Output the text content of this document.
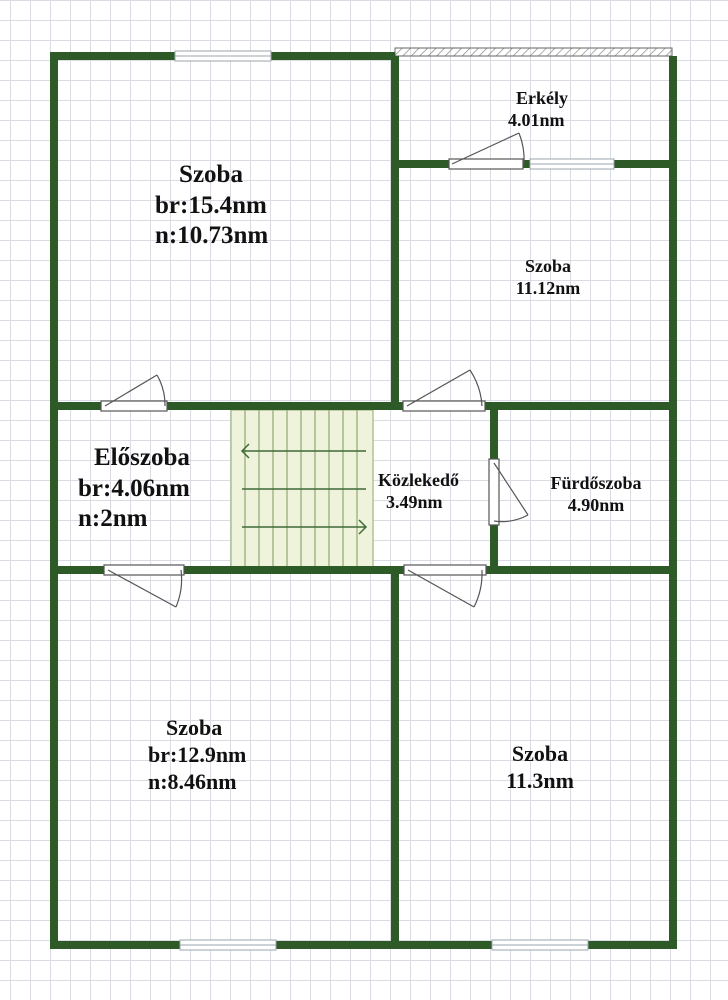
Szoba
br:15.4nm
n:10.73nm
Erkély
4.01nm
Szoba
11.12nm
Előszoba
br:4.06nm
n:2nm
Közlekedő
3.49nm
Fürdőszoba
4.90nm
Szoba
br:12.9nm
n:8.46nm
Szoba
11.3nm
